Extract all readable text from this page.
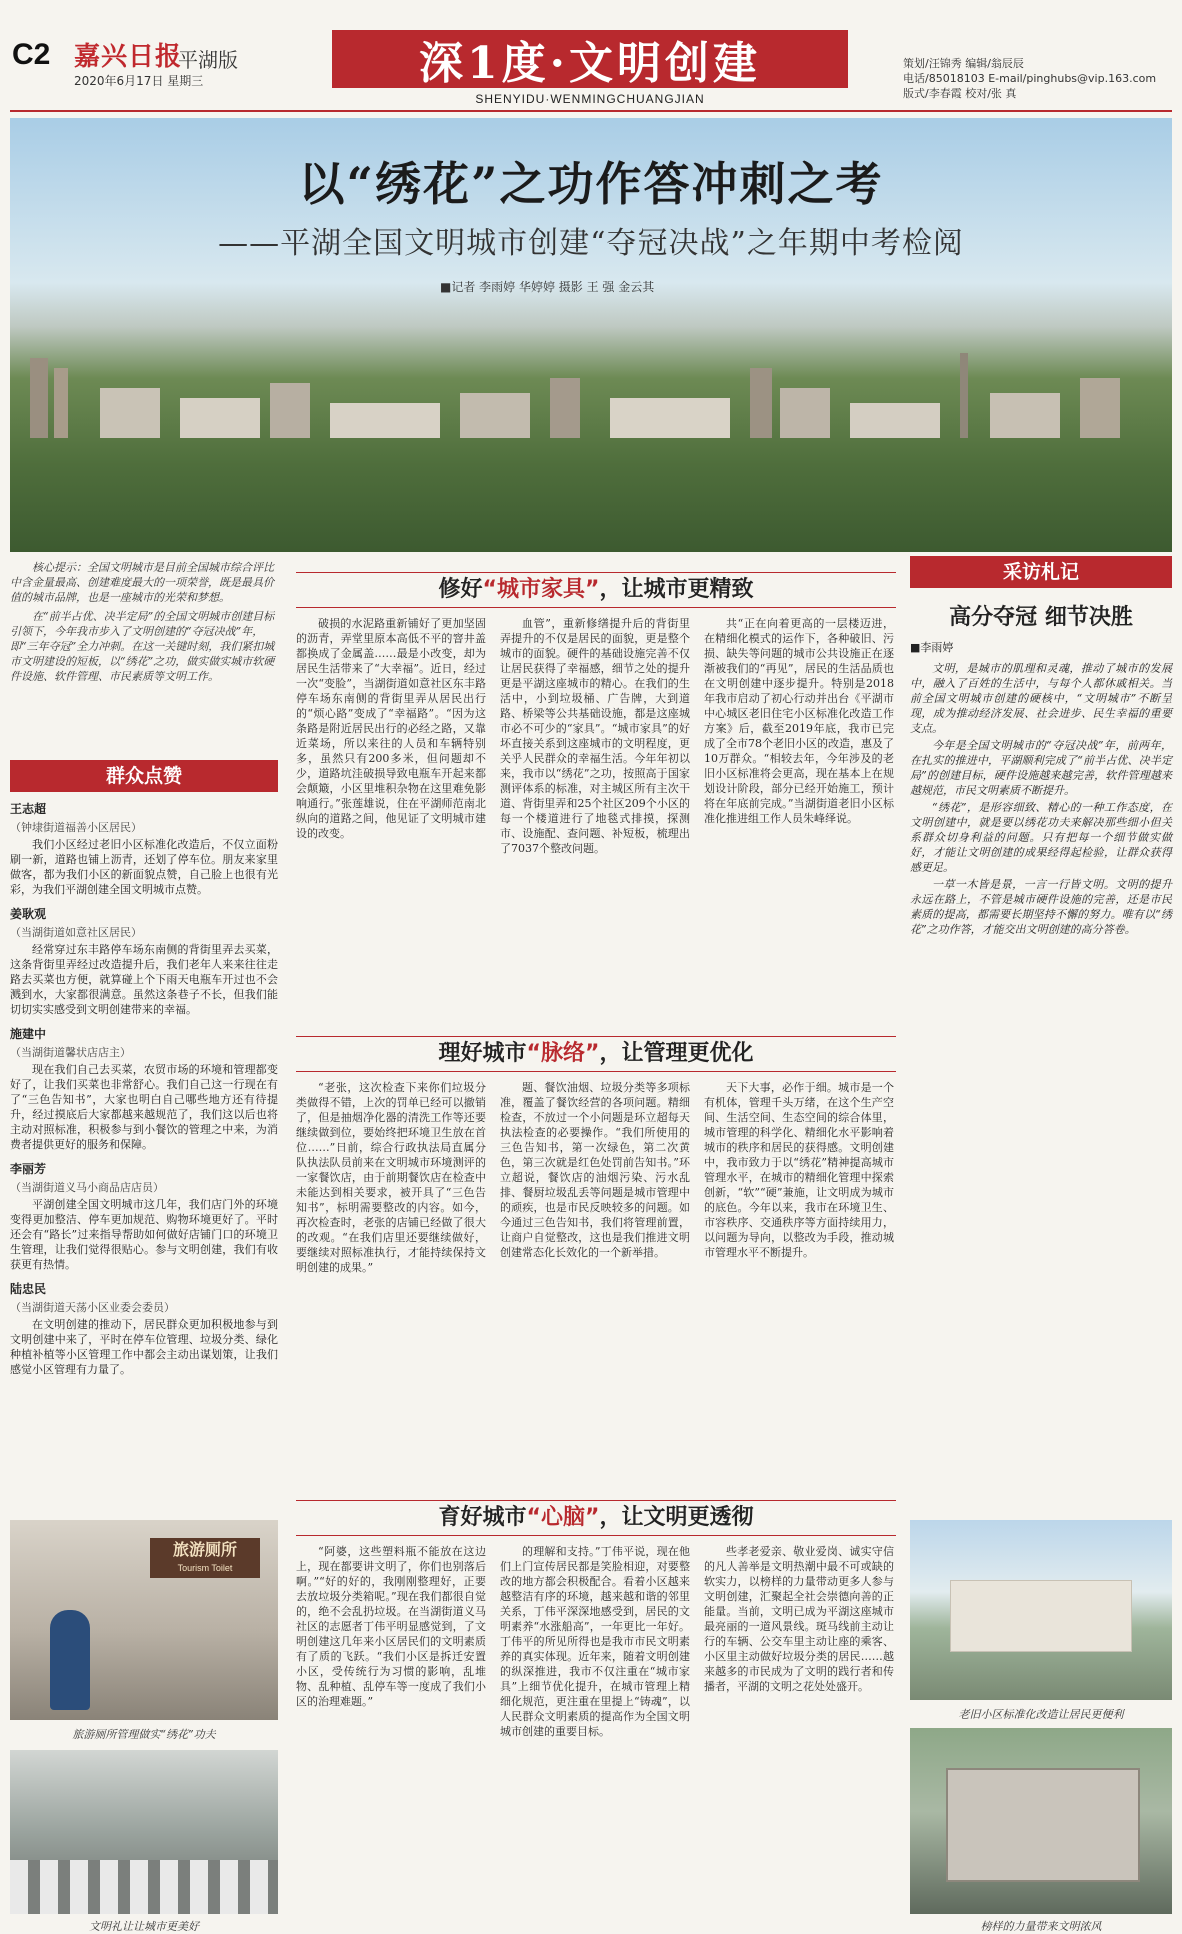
C2 嘉兴日报
平湖版
2020年6月17日 星期三	深1度·文明创建
SHENYIDU·WENMINGCHUANGJIAN
策划/汪锦秀 编辑/翁辰辰
电话/85018103 E-mail/pinghubs@vip.163.com
版式/李春霞 校对/张 真
以“绣花”之功作答冲刺之考
——平湖全国文明城市创建“夺冠决战”之年期中考检阅
■记者 李雨婷 华婷婷 摄影 王 强 金云其

核心提示：全国文明城市是目前全国城市综合评比中含金量最高、创建难度最大的一项荣誉，既是最具价值的城市品牌，也是一座城市的光荣和梦想。

在“前半占优、决半定局”的全国文明城市创建目标引领下，今年我市步入了文明创建的“夺冠决战”年，即“三年夺冠”全力冲刺。在这一关键时刻，我们紧扣城市文明建设的短板，以“绣花”之功，做实做实城市软硬件设施、软件管理、市民素质等文明工作。

群众点赞
王志超
（钟埭街道福善小区居民）
我们小区经过老旧小区标准化改造后，不仅立面粉刷一新，道路也铺上沥青，还划了停车位。朋友来家里做客，都为我们小区的新面貌点赞，自己脸上也很有光彩，为我们平湖创建全国文明城市点赞。
姜耿观
（当湖街道如意社区居民）
经常穿过东丰路停车场东南侧的背街里弄去买菜，这条背街里弄经过改造提升后，我们老年人来来往往走路去买菜也方便，就算碰上个下雨天电瓶车开过也不会溅到水，大家都很满意。虽然这条巷子不长，但我们能切切实实感受到文明创建带来的幸福。
施建中
（当湖街道馨状店店主）
现在我们自己去买菜，农贸市场的环境和管理都变好了，让我们买菜也非常舒心。我们自己这一行现在有了“三色告知书”，大家也明白自己哪些地方还有待提升，经过摸底后大家都越来越规范了，我们这以后也将主动对照标准，积极参与到小餐饮的管理之中来，为消费者提供更好的服务和保障。
李丽芳
（当湖街道义马小商品店店员）
平湖创建全国文明城市这几年，我们店门外的环境变得更加整洁、停车更加规范、购物环境更好了。平时还会有“路长”过来指导帮助如何做好店铺门口的环境卫生管理，让我们觉得很贴心。参与文明创建，我们有收获更有热情。
陆忠民
（当湖街道天荡小区业委会委员）
在文明创建的推动下，居民群众更加积极地参与到文明创建中来了，平时在停车位管理、垃圾分类、绿化种植补植等小区管理工作中都会主动出谋划策，让我们感觉小区管理有力量了。
修好“城市家具”，让城市更精致

破损的水泥路重新铺好了更加坚固的沥青，弄堂里原本高低不平的窨井盖都换成了金属盖……最是小改变，却为居民生活带来了“大幸福”。近日，经过一次“变脸”，当湖街道如意社区东丰路停车场东南侧的背街里弄从居民出行的“烦心路”变成了“幸福路”。“因为这条路是附近居民出行的必经之路，又靠近菜场，所以来往的人员和车辆特别多，虽然只有200多米，但问题却不少，道路坑洼破损导致电瓶车开起来都会颠簸，小区里堆积杂物在这里难免影响通行。”张莲雄说，住在平湖师范南北纵向的道路之间，他见证了文明城市建设的改变。

血管”，重新修缮提升后的背街里弄提升的不仅是居民的面貌，更是整个城市的面貌。硬件的基础设施完善不仅让居民获得了幸福感，细节之处的提升更是平湖这座城市的精心。在我们的生活中，小到垃圾桶、广告牌，大到道路、桥梁等公共基础设施，都是这座城市必不可少的“家具”。“城市家具”的好坏直接关系到这座城市的文明程度，更关乎人民群众的幸福生活。今年年初以来，我市以“绣花”之功，按照高于国家测评体系的标准，对主城区所有主次干道、背街里弄和25个社区209个小区的每一个楼道进行了地毯式排摸，探测市、设施配、查问题、补短板，梳理出了7037个整改问题。

共“正在向着更高的一层楼迈进，在精细化模式的运作下，各种破旧、污损、缺失等问题的城市公共设施正在逐渐被我们的“再见”，居民的生活品质也在文明创建中逐步提升。特别是2018年我市启动了初心行动并出台《平湖市中心城区老旧住宅小区标准化改造工作方案》后，截至2019年底，我市已完成了全市78个老旧小区的改造，惠及了10万群众。“相较去年，今年涉及的老旧小区标准将会更高，现在基本上在规划设计阶段，部分已经开始施工，预计将在年底前完成。”当湖街道老旧小区标准化推进组工作人员朱峰绎说。

理好城市“脉络”，让管理更优化

“老张，这次检查下来你们垃圾分类做得不错，上次的罚单已经可以撤销了，但是抽烟净化器的清洗工作等还要继续做到位，要始终把环境卫生放在首位……”日前，综合行政执法局直属分队执法队员前来在文明城市环境测评的一家餐饮店，由于前期餐饮店在检查中未能达到相关要求，被开具了“三色告知书”，标明需要整改的内容。如今，再次检查时，老张的店铺已经做了很大的改观。“在我们店里还要继续做好，要继续对照标准执行，才能持续保持文明创建的成果。”

题、餐饮油烟、垃圾分类等多项标准，覆盖了餐饮经营的各项问题。精细检查，不放过一个小问题是环立超每天执法检查的必要操作。“我们所使用的三色告知书，第一次绿色，第二次黄色，第三次就是红色处罚前告知书。”环立超说，餐饮店的油烟污染、污水乱排、餐厨垃圾乱丢等问题是城市管理中的顽疾，也是市民反映较多的问题。如今通过三色告知书，我们将管理前置，让商户自觉整改，这也是我们推进文明创建常态化长效化的一个新举措。

天下大事，必作于细。城市是一个有机体，管理千头万绪，在这个生产空间、生活空间、生态空间的综合体里，城市管理的科学化、精细化水平影响着城市的秩序和居民的获得感。文明创建中，我市致力于以“绣花”精神提高城市管理水平，在城市的精细化管理中探索创新，“软”“硬”兼施，让文明成为城市的底色。今年以来，我市在环境卫生、市容秩序、交通秩序等方面持续用力，以问题为导向，以整改为手段，推动城市管理水平不断提升。

采访札记
高分夺冠 细节决胜
■李雨婷

文明，是城市的肌理和灵魂，推动了城市的发展中，融入了百姓的生活中，与每个人都休戚相关。当前全国文明城市创建的硬核中，“文明城市”不断呈现，成为推动经济发展、社会进步、民生幸福的重要支点。

今年是全国文明城市的“夺冠决战”年，前两年，在扎实的推进中，平湖顺利完成了“前半占优、决半定局”的创建目标，硬件设施越来越完善，软件管理越来越规范，市民文明素质不断提升。

“绣花”，是形容细致、精心的一种工作态度，在文明创建中，就是要以绣花功夫来解决那些细小但关系群众切身利益的问题。只有把每一个细节做实做好，才能让文明创建的成果经得起检验，让群众获得感更足。

一草一木皆是景，一言一行皆文明。文明的提升永远在路上，不管是城市硬件设施的完善，还是市民素质的提高，都需要长期坚持不懈的努力。唯有以“绣花”之功作答，才能交出文明创建的高分答卷。

育好城市“心脑”，让文明更透彻

“阿婆，这些塑料瓶不能放在这边上，现在都要讲文明了，你们也别落后啊。”“好的好的，我刚刚整理好，正要去放垃圾分类箱呢。”现在我们都很自觉的，绝不会乱扔垃圾。在当湖街道义马社区的志愿者丁伟平明显感觉到，了文明创建这几年来小区居民们的文明素质有了质的飞跃。“我们小区是拆迁安置小区，受传统行为习惯的影响，乱堆物、乱种植、乱停车等一度成了我们小区的治理难题。”

的理解和支持。”丁伟平说，现在他们上门宣传居民都是笑脸相迎，对要整改的地方都会积极配合。看着小区越来越整洁有序的环境，越来越和谐的邻里关系，丁伟平深深地感受到，居民的文明素养“水涨船高”，一年更比一年好。丁伟平的所见所得也是我市市民文明素养的真实体现。近年来，随着文明创建的纵深推进，我市不仅注重在“城市家具”上细节优化提升，在城市管理上精细化规范，更注重在里提上“铸魂”，以人民群众文明素质的提高作为全国文明城市创建的重要目标。

些孝老爱亲、敬业爱岗、诚实守信的凡人善举是文明热潮中最不可或缺的软实力，以榜样的力量带动更多人参与文明创建，汇聚起全社会崇德向善的正能量。当前，文明已成为平湖这座城市最亮丽的一道风景线。斑马线前主动让行的车辆、公交车里主动让座的乘客、小区里主动做好垃圾分类的居民……越来越多的市民成为了文明的践行者和传播者，平湖的文明之花处处盛开。

旅游厕所
Tourism Toilet
旅游厕所管理做实“绣花”功夫
文明礼让让城市更美好
老旧小区标准化改造让居民更便利
榜样的力量带来文明浓风
